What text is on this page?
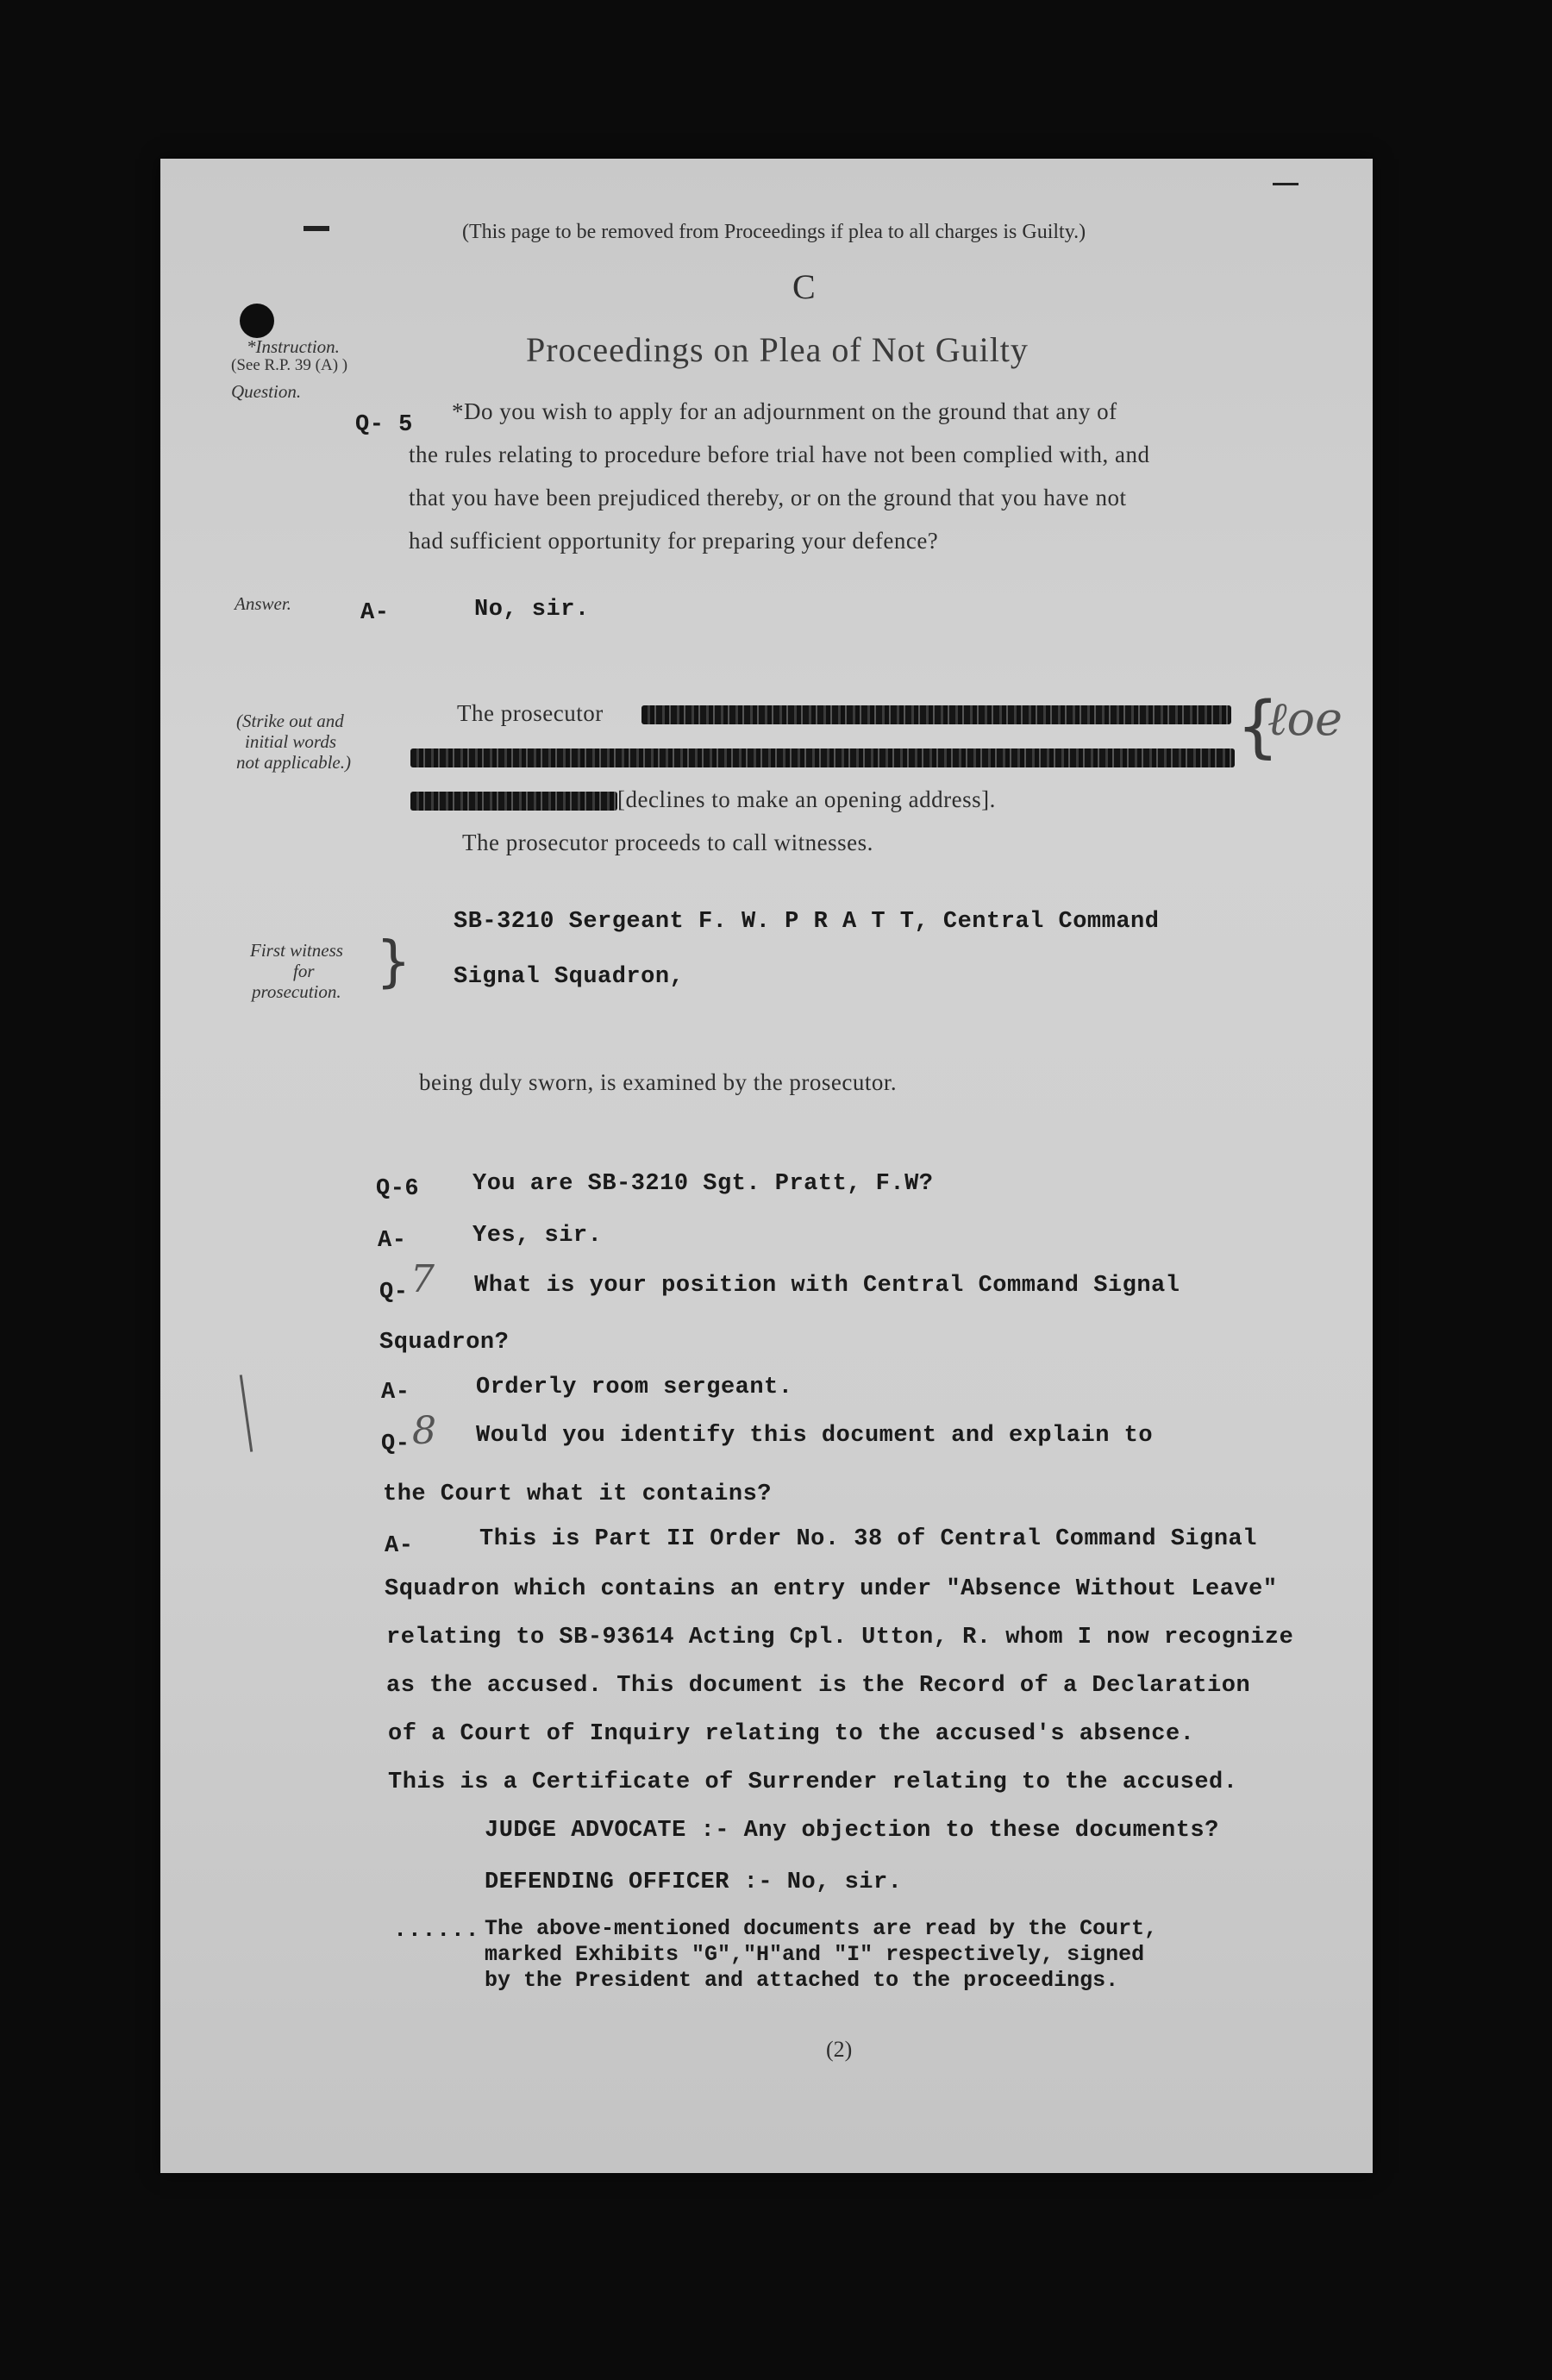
(This page to be removed from Proceedings if plea to all charges is Guilty.)
C
Proceedings on Plea of Not Guilty
*Instruction.
(See R.P. 39 (A) )
Question.
Q- 5
*Do you wish to apply for an adjournment on the ground that any of
the rules relating to procedure before trial have not been complied with, and
that you have been prejudiced thereby, or on the ground that you have not
had sufficient opportunity for preparing your defence?
Answer.	A-	No, sir.
(Strike out and
initial words
not applicable.)
The prosecutor
[declines to make an opening address].
{
ℓ𝑜𝑒
The prosecutor proceeds to call witnesses.
First witness
for
prosecution. {
SB-3210 Sergeant F. W. P R A T T, Central Command
Signal Squadron,
being duly sworn, is examined by the prosecutor.
Q-6 You are SB-3210 Sgt. Pratt, F.W?
A-	Yes, sir.
Q- 7 What is your position with Central Command Signal
Squadron?
A-	Orderly room sergeant.
Q- 8 Would you identify this document and explain to
the Court what it contains?
A-	This is Part II Order No. 38 of Central Command Signal
Squadron which contains an entry under "Absence Without Leave"
relating to SB-93614 Acting Cpl. Utton, R. whom I now recognize
as the accused. This document is the Record of a Declaration
of a Court of Inquiry relating to the accused's absence.
This is a Certificate of Surrender relating to the accused.
JUDGE ADVOCATE :- Any objection to these documents?
DEFENDING OFFICER :- No, sir.
...... The above-mentioned documents are read by the Court,
marked Exhibits "G","H"and "I" respectively, signed
by the President and attached to the proceedings.
(2)
